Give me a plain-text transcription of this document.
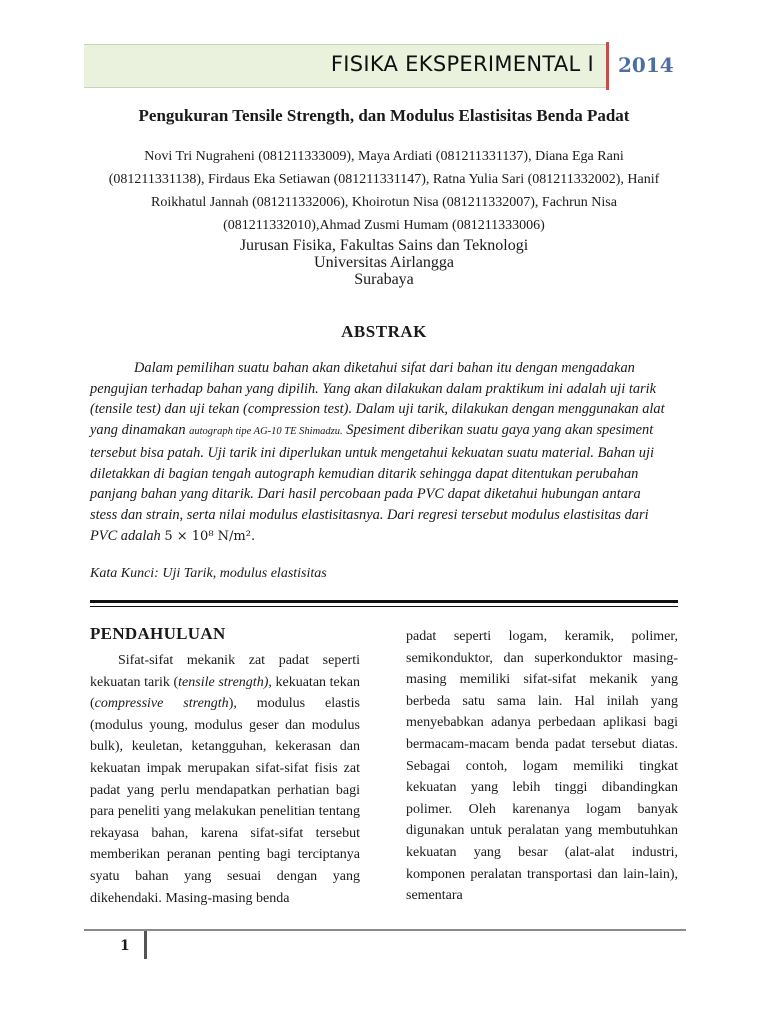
FISIKA EKSPERIMENTAL I 2014
Pengukuran Tensile Strength, dan Modulus Elastisitas Benda Padat
Novi Tri Nugraheni (081211333009), Maya Ardiati (081211331137), Diana Ega Rani (081211331138), Firdaus Eka Setiawan (081211331147), Ratna Yulia Sari (081211332002), Hanif Roikhatul Jannah (081211332006), Khoirotun Nisa (081211332007), Fachrun Nisa (081211332010),Ahmad Zusmi Humam (081211333006)
Jurusan Fisika, Fakultas Sains dan Teknologi
Universitas Airlangga
Surabaya
ABSTRAK
Dalam pemilihan suatu bahan akan diketahui sifat dari bahan itu dengan mengadakan pengujian terhadap bahan yang dipilih. Yang akan dilakukan dalam praktikum ini adalah uji tarik (tensile test) dan uji tekan (compression test). Dalam uji tarik, dilakukan dengan menggunakan alat yang dinamakan autograph tipe AG-10 TE Shimadzu. Spesiment diberikan suatu gaya yang akan spesiment tersebut bisa patah. Uji tarik ini diperlukan untuk mengetahui kekuatan suatu material. Bahan uji diletakkan di bagian tengah autograph kemudian ditarik sehingga dapat ditentukan perubahan panjang bahan yang ditarik. Dari hasil percobaan pada PVC dapat diketahui hubungan antara stess dan strain, serta nilai modulus elastisitasnya. Dari regresi tersebut modulus elastisitas dari PVC adalah 5 × 10⁸ N/m².
Kata Kunci: Uji Tarik, modulus elastisitas
PENDAHULUAN
Sifat-sifat mekanik zat padat seperti kekuatan tarik (tensile strength), kekuatan tekan (compressive strength), modulus elastis (modulus young, modulus geser dan modulus bulk), keuletan, ketangguhan, kekerasan dan kekuatan impak merupakan sifat-sifat fisis zat padat yang perlu mendapatkan perhatian bagi para peneliti yang melakukan penelitian tentang rekayasa bahan, karena sifat-sifat tersebut memberikan peranan penting bagi terciptanya syatu bahan yang sesuai dengan yang dikehendaki. Masing-masing benda
padat seperti logam, keramik, polimer, semikonduktor, dan superkonduktor masing-masing memiliki sifat-sifat mekanik yang berbeda satu sama lain. Hal inilah yang menyebabkan adanya perbedaan aplikasi bagi bermacam-macam benda padat tersebut diatas. Sebagai contoh, logam memiliki tingkat kekuatan yang lebih tinggi dibandingkan polimer. Oleh karenanya logam banyak digunakan untuk peralatan yang membutuhkan kekuatan yang besar (alat-alat industri, komponen peralatan transportasi dan lain-lain), sementara
1
